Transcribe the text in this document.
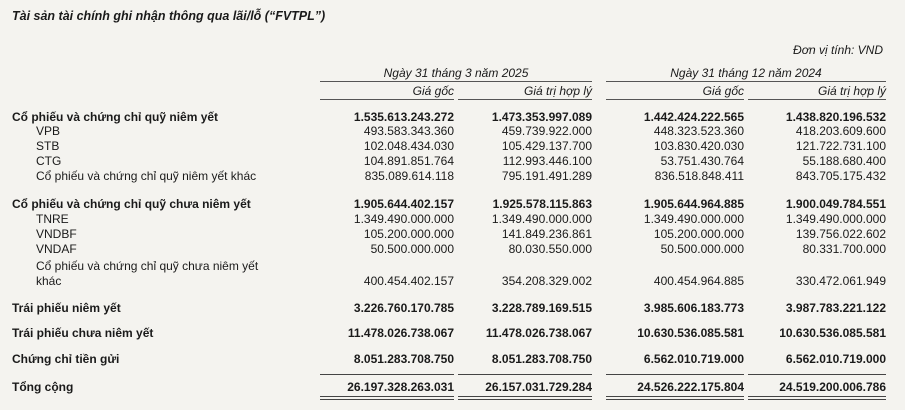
Tài sản tài chính ghi nhận thông qua lãi/lỗ (“FVTPL”)
Đơn vị tính: VND
Ngày 31 tháng 3 năm 2025	Ngày 31 tháng 12 năm 2024
Giá gốc	Giá trị hợp lý	Giá gốc	Giá trị hợp lý
Cổ phiếu và chứng chỉ quỹ niêm yết	1.535.613.243.272	1.473.353.997.089	1.442.424.222.565	1.438.820.196.532
VPB	493.583.343.360	459.739.922.000	448.323.523.360	418.203.609.600
STB	102.048.434.030	105.429.137.700	103.830.420.030	121.722.731.100
CTG	104.891.851.764	112.993.446.100	53.751.430.764	55.188.680.400
Cổ phiếu và chứng chỉ quỹ niêm yết khác	835.089.614.118	795.191.491.289	836.518.848.411	843.705.175.432
Cổ phiếu và chứng chỉ quỹ chưa niêm yết	1.905.644.402.157	1.925.578.115.863	1.905.644.964.885	1.900.049.784.551
TNRE	1.349.490.000.000	1.349.490.000.000	1.349.490.000.000	1.349.490.000.000
VNDBF	105.200.000.000	141.849.236.861	105.200.000.000	139.756.022.602
VNDAF	50.500.000.000	80.030.550.000	50.500.000.000	80.331.700.000
Cổ phiếu và chứng chỉ quỹ chưa niêm yết
khác	400.454.402.157	354.208.329.002	400.454.964.885	330.472.061.949
Trái phiếu niêm yết	3.226.760.170.785	3.228.789.169.515	3.985.606.183.773	3.987.783.221.122
Trái phiếu chưa niêm yết	11.478.026.738.067	11.478.026.738.067	10.630.536.085.581	10.630.536.085.581
Chứng chỉ tiền gửi	8.051.283.708.750	8.051.283.708.750	6.562.010.719.000	6.562.010.719.000
Tổng cộng	26.197.328.263.031	26.157.031.729.284	24.526.222.175.804	24.519.200.006.786
